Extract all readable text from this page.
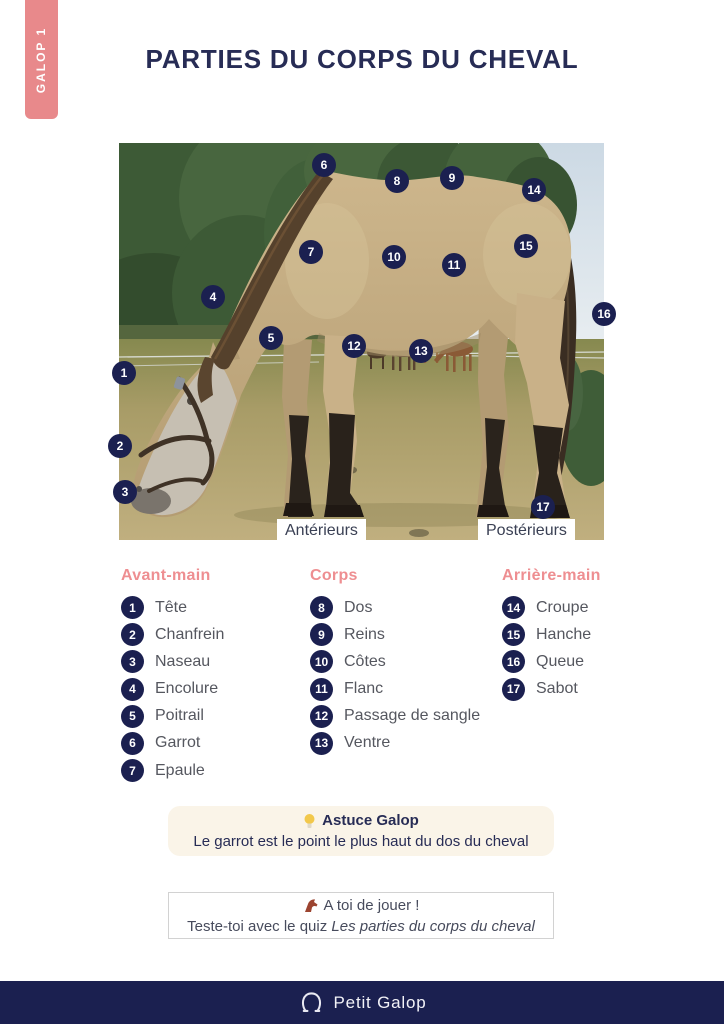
GALOP 1	PARTIES DU CORPS DU CHEVAL
1
2
3
4
5
6
7
8	9
10
11
12	13
14
15
16
17
Antérieurs	Postérieurs
Avant-main
1	Tête
2	Chanfrein
3	Naseau
4	Encolure
5	Poitrail
6	Garrot
7	Epaule
Corps
8	Dos
9	Reins
10 Côtes
11	Flanc
12 Passage de sangle
13 Ventre
Arrière-main
14 Croupe
15 Hanche
16 Queue
17 Sabot
Astuce Galop
Le garrot est le point le plus haut du dos du cheval
A toi de jouer !
Teste-toi avec le quiz Les parties du corps du cheval
Petit Galop
